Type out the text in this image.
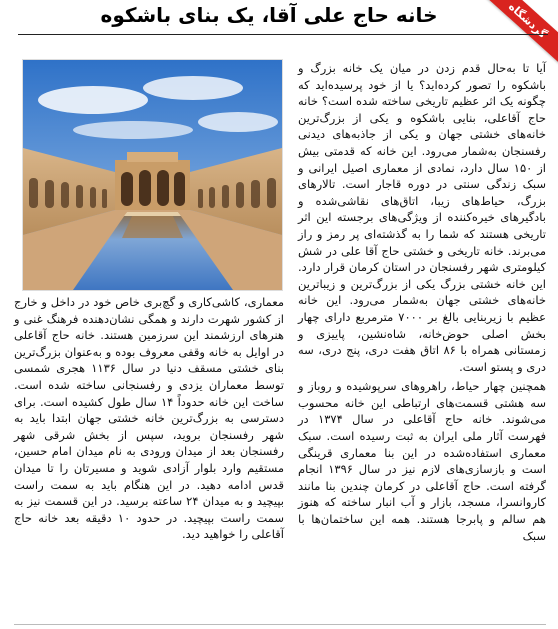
خانه حاج علی آقا، یک بنای باشکوه	گردشگاه

آیا تا به‌حال قدم زدن در میان یک خانه بزرگ و باشکوه را تصور کرده‌اید؟ یا از خود پرسیده‌اید که چگونه یک اثر عظیم تاریخی ساخته شده است؟ خانه حاج آقاعلی، بنایی باشکوه و یکی از بزرگ‌ترین خانه‌های خشتی جهان و یکی از جاذبه‌های دیدنی رفسنجان به‌شمار می‌رود. این خانه که قدمتی بیش از ۱۵۰ سال دارد، نمادی از معماری اصیل ایرانی و سبک زندگی سنتی در دوره قاجار است. تالارهای بزرگ، حیاط‌های زیبا، اتاق‌های نقاشی‌شده و بادگیرهای خیره‌کننده از ویژگی‌های برجسته این اثر تاریخی هستند که شما را به گذشته‌ای پر رمز و راز می‌برند. خانه تاریخی و خشتی حاج آقا علی در شش کیلومتری شهر رفسنجان در استان کرمان قرار دارد. این خانه خشتی بزرگ یکی از بزرگ‌ترین و زیباترین خانه‌های خشتی جهان به‌شمار می‌رود. این خانه عظیم با زیربنایی بالغ بر ۷۰۰۰ مترمربع دارای چهار بخش اصلی حوض‌خانه، شاه‌نشین، پاییزی و زمستانی همراه با ۸۶ اتاق هفت دری، پنج دری، سه دری و پستو است.

همچنین چهار حیاط، راهروهای سرپوشیده و روباز و سه هشتی قسمت‌های ارتباطی این خانه محسوب می‌شوند. خانه حاج آقاعلی در سال ۱۳۷۴ در فهرست آثار ملی ایران به ثبت رسیده است. سبک معماری استفاده‌شده در این بنا معماری قرینگی است و بازسازی‌های لازم نیز در سال ۱۳۹۶ انجام گرفته است. حاج آقاعلی در کرمان چندین بنا مانند کاروانسرا، مسجد، بازار و آب انبار ساخته که هنوز هم سالم و پابرجا هستند. همه این ساختمان‌ها با سبک

معماری، کاشی‌کاری و گچ‌بری خاص خود در داخل و خارج از کشور شهرت دارند و همگی نشان‌دهنده فرهنگ غنی و هنرهای ارزشمند این سرزمین هستند. خانه حاج آقاعلی در اوایل به خانه وقفی معروف بوده و به‌عنوان بزرگ‌ترین بنای خشتی مسقف دنیا در سال ۱۱۳۶ هجری شمسی توسط معماران یزدی و رفسنجانی ساخته شده است. ساخت این خانه حدوداً ۱۴ سال طول کشیده است. برای دسترسی به بزرگ‌ترین خانه خشتی جهان ابتدا باید به شهر رفسنجان بروید، سپس از بخش شرقی شهر رفسنجان بعد از میدان ورودی به نام میدان امام حسین، مستقیم وارد بلوار آزادی شوید و مسیرتان را تا میدان قدس ادامه دهید. در این هنگام باید به سمت راست بپیچید و به میدان ۲۴ ساعته برسید. در این قسمت نیز به سمت راست بپیچید. در حدود ۱۰ دقیقه بعد خانه حاج آقاعلی را خواهید دید.
